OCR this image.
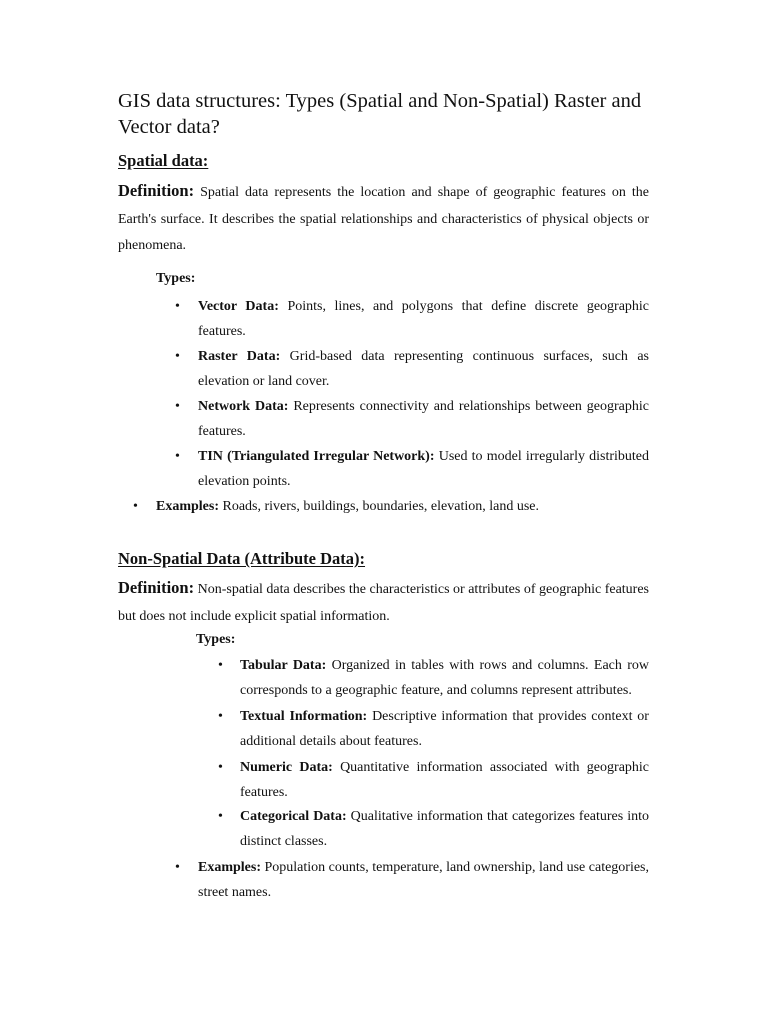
GIS data structures: Types (Spatial and Non-Spatial) Raster and Vector data?
Spatial data:
Definition: Spatial data represents the location and shape of geographic features on the Earth's surface. It describes the spatial relationships and characteristics of physical objects or phenomena.
Types:
• Vector Data: Points, lines, and polygons that define discrete geographic features.
• Raster Data: Grid-based data representing continuous surfaces, such as elevation or land cover.
• Network Data: Represents connectivity and relationships between geographic features.
• TIN (Triangulated Irregular Network): Used to model irregularly distributed elevation points.
• Examples: Roads, rivers, buildings, boundaries, elevation, land use.
Non-Spatial Data (Attribute Data):
Definition: Non-spatial data describes the characteristics or attributes of geographic features but does not include explicit spatial information.
Types:
• Tabular Data: Organized in tables with rows and columns. Each row corresponds to a geographic feature, and columns represent attributes.
• Textual Information: Descriptive information that provides context or additional details about features.
• Numeric Data: Quantitative information associated with geographic features.
• Categorical Data: Qualitative information that categorizes features into distinct classes.
• Examples: Population counts, temperature, land ownership, land use categories, street names.
